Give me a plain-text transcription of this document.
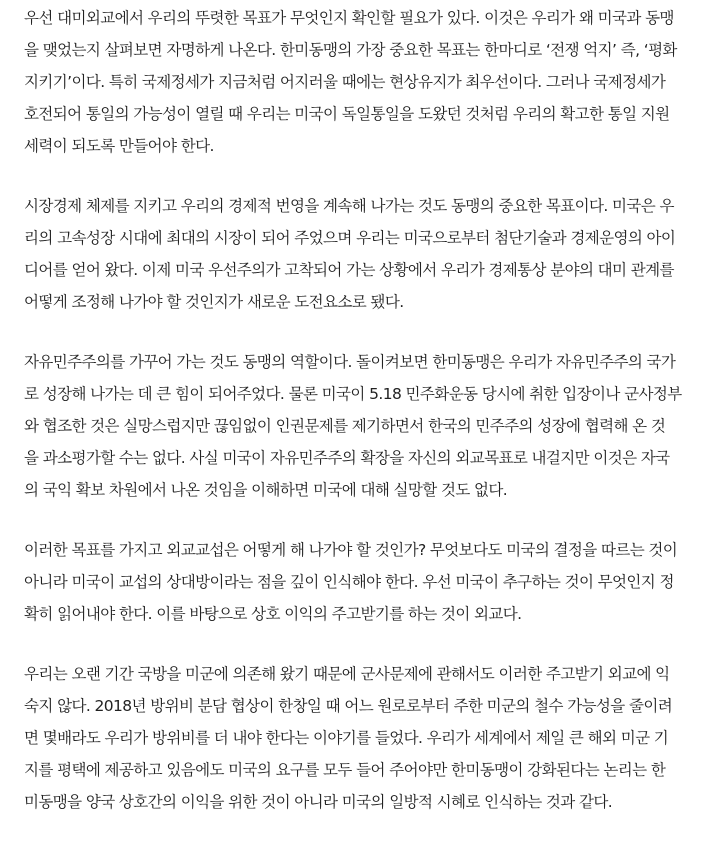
우선 대미외교에서 우리의 뚜렷한 목표가 무엇인지 확인할 필요가 있다. 이것은 우리가 왜 미국과 동맹
을 맺었는지 살펴보면 자명하게 나온다. 한미동맹의 가장 중요한 목표는 한마디로 ‘전쟁 억지’ 즉, ‘평화
지키기’이다. 특히 국제정세가 지금처럼 어지러울 때에는 현상유지가 최우선이다. 그러나 국제정세가
호전되어 통일의 가능성이 열릴 때 우리는 미국이 독일통일을 도왔던 것처럼 우리의 확고한 통일 지원
세력이 되도록 만들어야 한다.

시장경제 체제를 지키고 우리의 경제적 번영을 계속해 나가는 것도 동맹의 중요한 목표이다. 미국은 우
리의 고속성장 시대에 최대의 시장이 되어 주었으며 우리는 미국으로부터 첨단기술과 경제운영의 아이
디어를 얻어 왔다. 이제 미국 우선주의가 고착되어 가는 상황에서 우리가 경제통상 분야의 대미 관계를
어떻게 조정해 나가야 할 것인지가 새로운 도전요소로 됐다.

자유민주주의를 가꾸어 가는 것도 동맹의 역할이다. 돌이켜보면 한미동맹은 우리가 자유민주주의 국가
로 성장해 나가는 데 큰 힘이 되어주었다. 물론 미국이 5.18 민주화운동 당시에 취한 입장이나 군사정부
와 협조한 것은 실망스럽지만 끊임없이 인권문제를 제기하면서 한국의 민주주의 성장에 협력해 온 것
을 과소평가할 수는 없다. 사실 미국이 자유민주주의 확장을 자신의 외교목표로 내걸지만 이것은 자국
의 국익 확보 차원에서 나온 것임을 이해하면 미국에 대해 실망할 것도 없다.

이러한 목표를 가지고 외교교섭은 어떻게 해 나가야 할 것인가? 무엇보다도 미국의 결정을 따르는 것이
아니라 미국이 교섭의 상대방이라는 점을 깊이 인식해야 한다. 우선 미국이 추구하는 것이 무엇인지 정
확히 읽어내야 한다. 이를 바탕으로 상호 이익의 주고받기를 하는 것이 외교다.

우리는 오랜 기간 국방을 미군에 의존해 왔기 때문에 군사문제에 관해서도 이러한 주고받기 외교에 익
숙지 않다. 2018년 방위비 분담 협상이 한창일 때 어느 원로로부터 주한 미군의 철수 가능성을 줄이려
면 몇배라도 우리가 방위비를 더 내야 한다는 이야기를 들었다. 우리가 세계에서 제일 큰 해외 미군 기
지를 평택에 제공하고 있음에도 미국의 요구를 모두 들어 주어야만 한미동맹이 강화된다는 논리는 한
미동맹을 양국 상호간의 이익을 위한 것이 아니라 미국의 일방적 시혜로 인식하는 것과 같다.
